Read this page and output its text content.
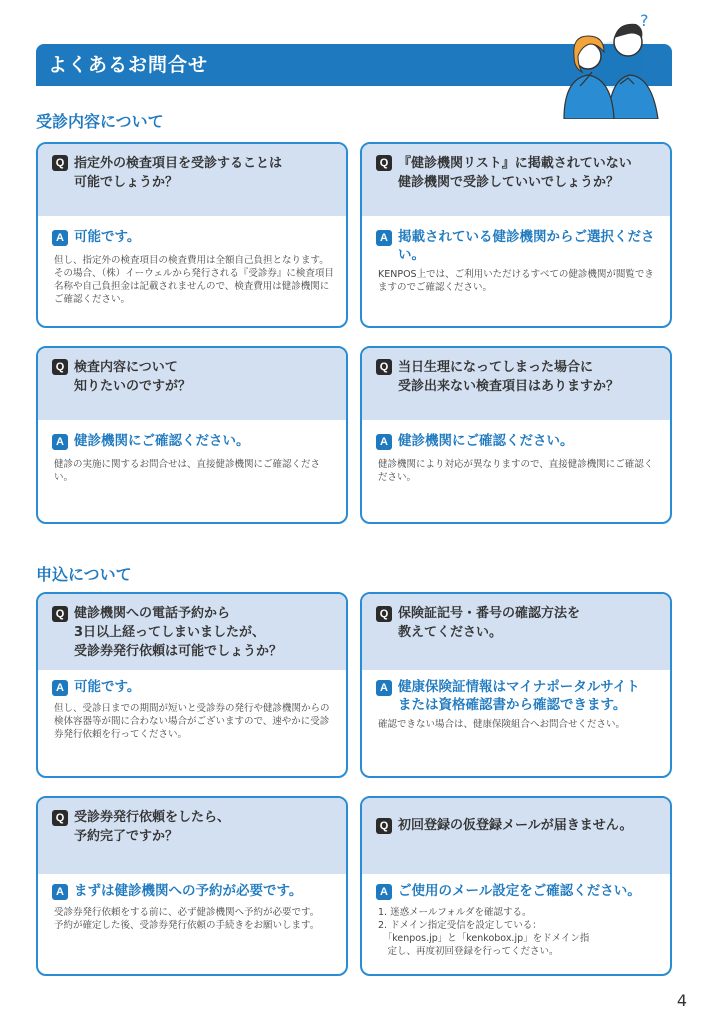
よくあるお問合せ
?
受診内容について
Q 指定外の検査項目を受診することは
可能でしょうか？
A 可能です。
但し、指定外の検査項目の検査費用は全額自己負担となります。その場合、（株）イーウェルから発行される『受診券』に検査項目名称や自己負担金は記載されませんので、検査費用は健診機関にご確認ください。
Q 『健診機関リスト』に掲載されていない
健診機関で受診していいでしょうか？
A 掲載されている健診機関からご選択ください。
KENPOS上では、ご利用いただけるすべての健診機関が閲覧できますのでご確認ください。
Q 検査内容について
知りたいのですが？
A 健診機関にご確認ください。
健診の実施に関するお問合せは、直接健診機関にご確認ください。
Q 当日生理になってしまった場合に
受診出来ない検査項目はありますか？
A 健診機関にご確認ください。
健診機関により対応が異なりますので、直接健診機関にご確認ください。
申込について
Q 健診機関への電話予約から
3日以上経ってしまいましたが、
受診券発行依頼は可能でしょうか？
A 可能です。
但し、受診日までの期間が短いと受診券の発行や健診機関からの検体容器等が間に合わない場合がございますので、速やかに受診券発行依頼を行ってください。
Q 保険証記号・番号の確認方法を
教えてください。
A 健康保険証情報はマイナポータルサイト
または資格確認書から確認できます。
確認できない場合は、健康保険組合へお問合せください。
Q 受診券発行依頼をしたら、
予約完了ですか？
A まずは健診機関への予約が必要です。
受診券発行依頼をする前に、必ず健診機関へ予約が必要です。
予約が確定した後、受診券発行依頼の手続きをお願いします。
Q 初回登録の仮登録メールが届きません。
A ご使用のメール設定をご確認ください。
1. 迷惑メールフォルダを確認する。
2. ドメイン指定受信を設定している：
　「kenpos.jp」と「kenkobox.jp」をドメイン指
　定し、再度初回登録を行ってください。
4
